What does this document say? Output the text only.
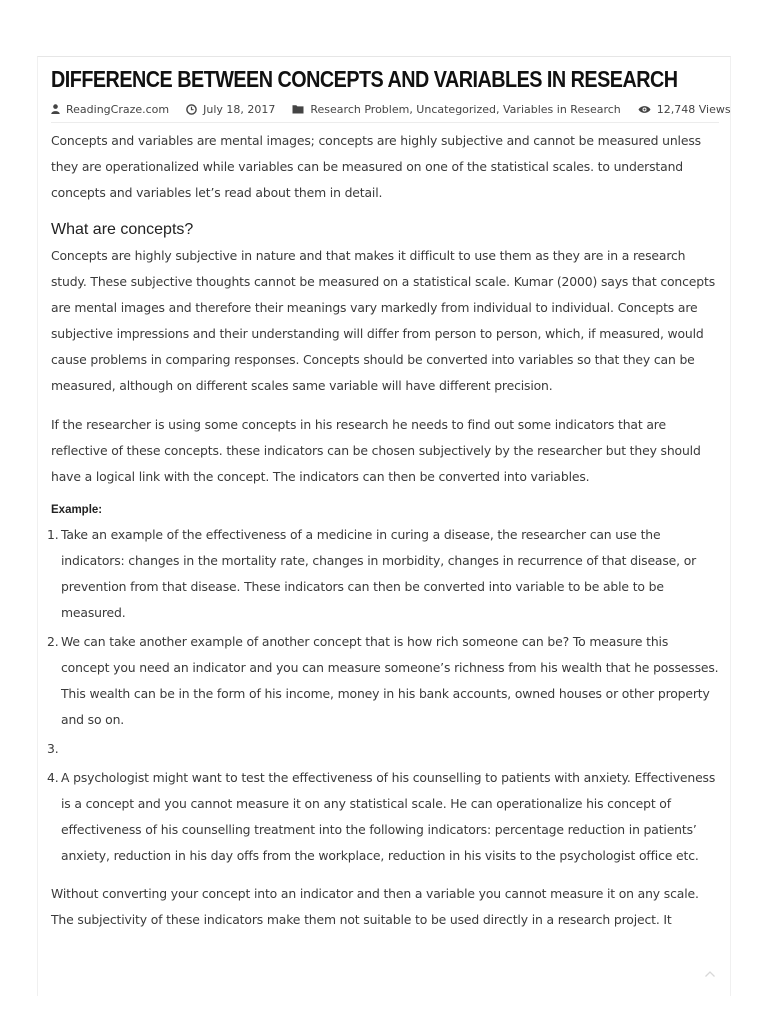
DIFFERENCE BETWEEN CONCEPTS AND VARIABLES IN RESEARCH
ReadingCraze.com	July 18, 2017	Research Problem, Uncategorized, Variables in Research	12,748 Views

Concepts and variables are mental images; concepts are highly subjective and cannot be measured unless they are operationalized while variables can be measured on one of the statistical scales. to understand concepts and variables let’s read about them in detail.

What are concepts?

Concepts are highly subjective in nature and that makes it difficult to use them as they are in a research study. These subjective thoughts cannot be measured on a statistical scale. Kumar (2000) says that concepts are mental images and therefore their meanings vary markedly from individual to individual. Concepts are subjective impressions and their understanding will differ from person to person, which, if measured, would cause problems in comparing responses. Concepts should be converted into variables so that they can be measured, although on different scales same variable will have different precision.

If the researcher is using some concepts in his research he needs to find out some indicators that are reflective of these concepts. these indicators can be chosen subjectively by the researcher but they should have a logical link with the concept. The indicators can then be converted into variables.

Example:
1. Take an example of the effectiveness of a medicine in curing a disease, the researcher can use the indicators: changes in the mortality rate, changes in morbidity, changes in recurrence of that disease, or prevention from that disease. These indicators can then be converted into variable to be able to be measured.
2. We can take another example of another concept that is how rich someone can be? To measure this concept you need an indicator and you can measure someone’s richness from his wealth that he possesses. This wealth can be in the form of his income, money in his bank accounts, owned houses or other property and so on.
3.
4. A psychologist might want to test the effectiveness of his counselling to patients with anxiety. Effectiveness is a concept and you cannot measure it on any statistical scale. He can operationalize his concept of effectiveness of his counselling treatment into the following indicators: percentage reduction in patients’ anxiety, reduction in his day offs from the workplace, reduction in his visits to the psychologist office etc.

Without converting your concept into an indicator and then a variable you cannot measure it on any scale. The subjectivity of these indicators make them not suitable to be used directly in a research project. It
